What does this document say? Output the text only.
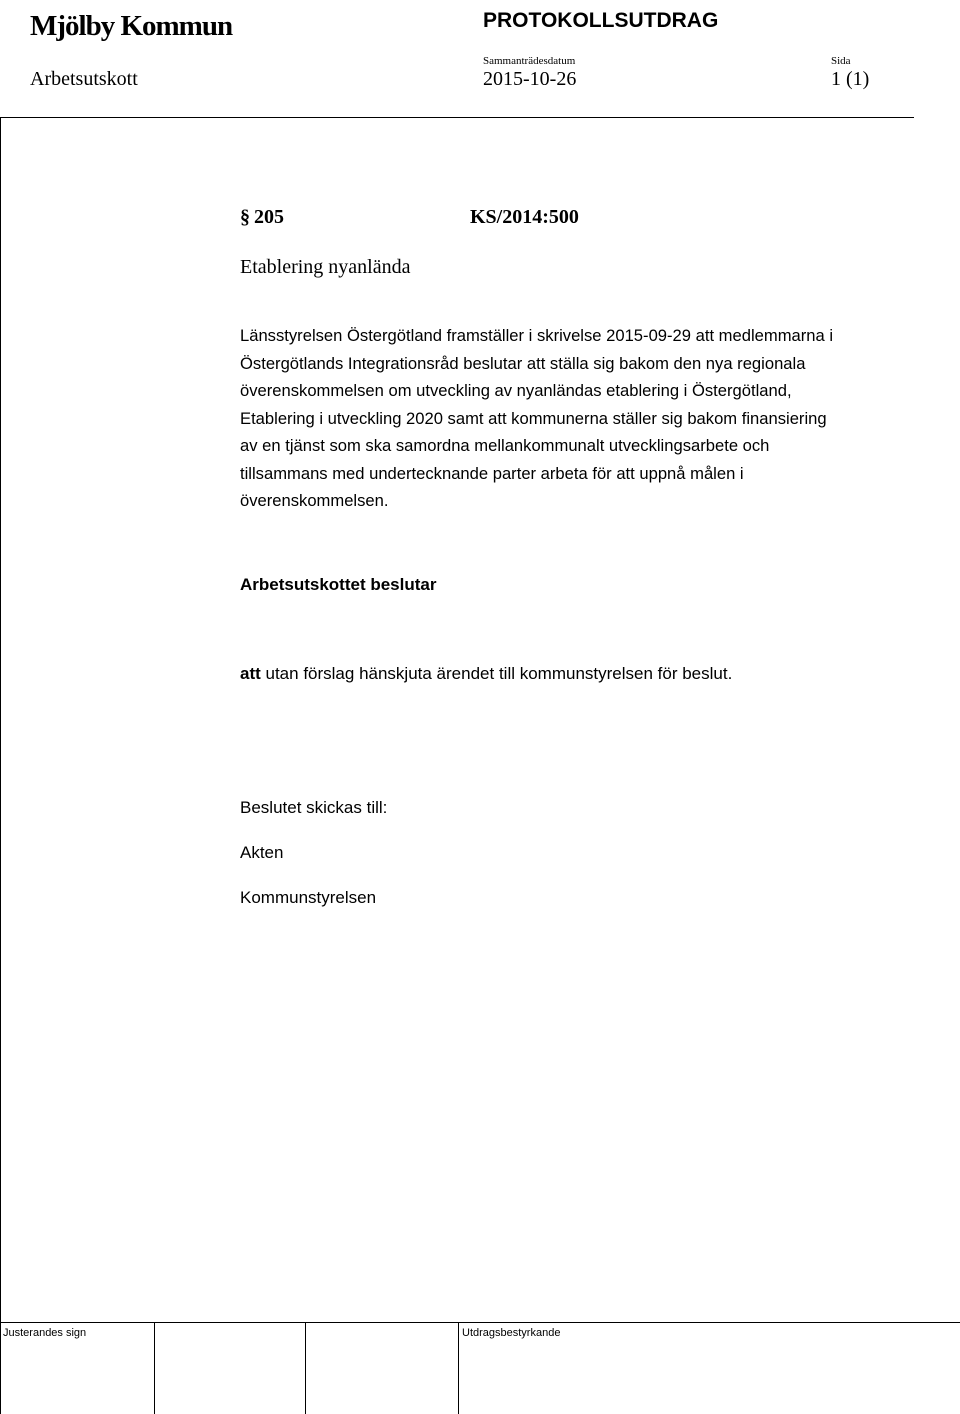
Mjölby Kommun	PROTOKOLLSUTDRAG
Sammanträdesdatum	Sida
Arbetsutskott	2015-10-26	1 (1)
§ 205	KS/2014:500
Etablering nyanlända
Länsstyrelsen Östergötland framställer i skrivelse 2015-09-29 att medlemmarna i
Östergötlands Integrationsråd beslutar att ställa sig bakom den nya regionala
överenskommelsen om utveckling av nyanländas etablering i Östergötland,
Etablering i utveckling 2020 samt att kommunerna ställer sig bakom finansiering
av en tjänst som ska samordna mellankommunalt utvecklingsarbete och
tillsammans med undertecknande parter arbeta för att uppnå målen i
överenskommelsen.
Arbetsutskottet beslutar
att utan förslag hänskjuta ärendet till kommunstyrelsen för beslut.
Beslutet skickas till:
Akten
Kommunstyrelsen
Justerandes sign	Utdragsbestyrkande
